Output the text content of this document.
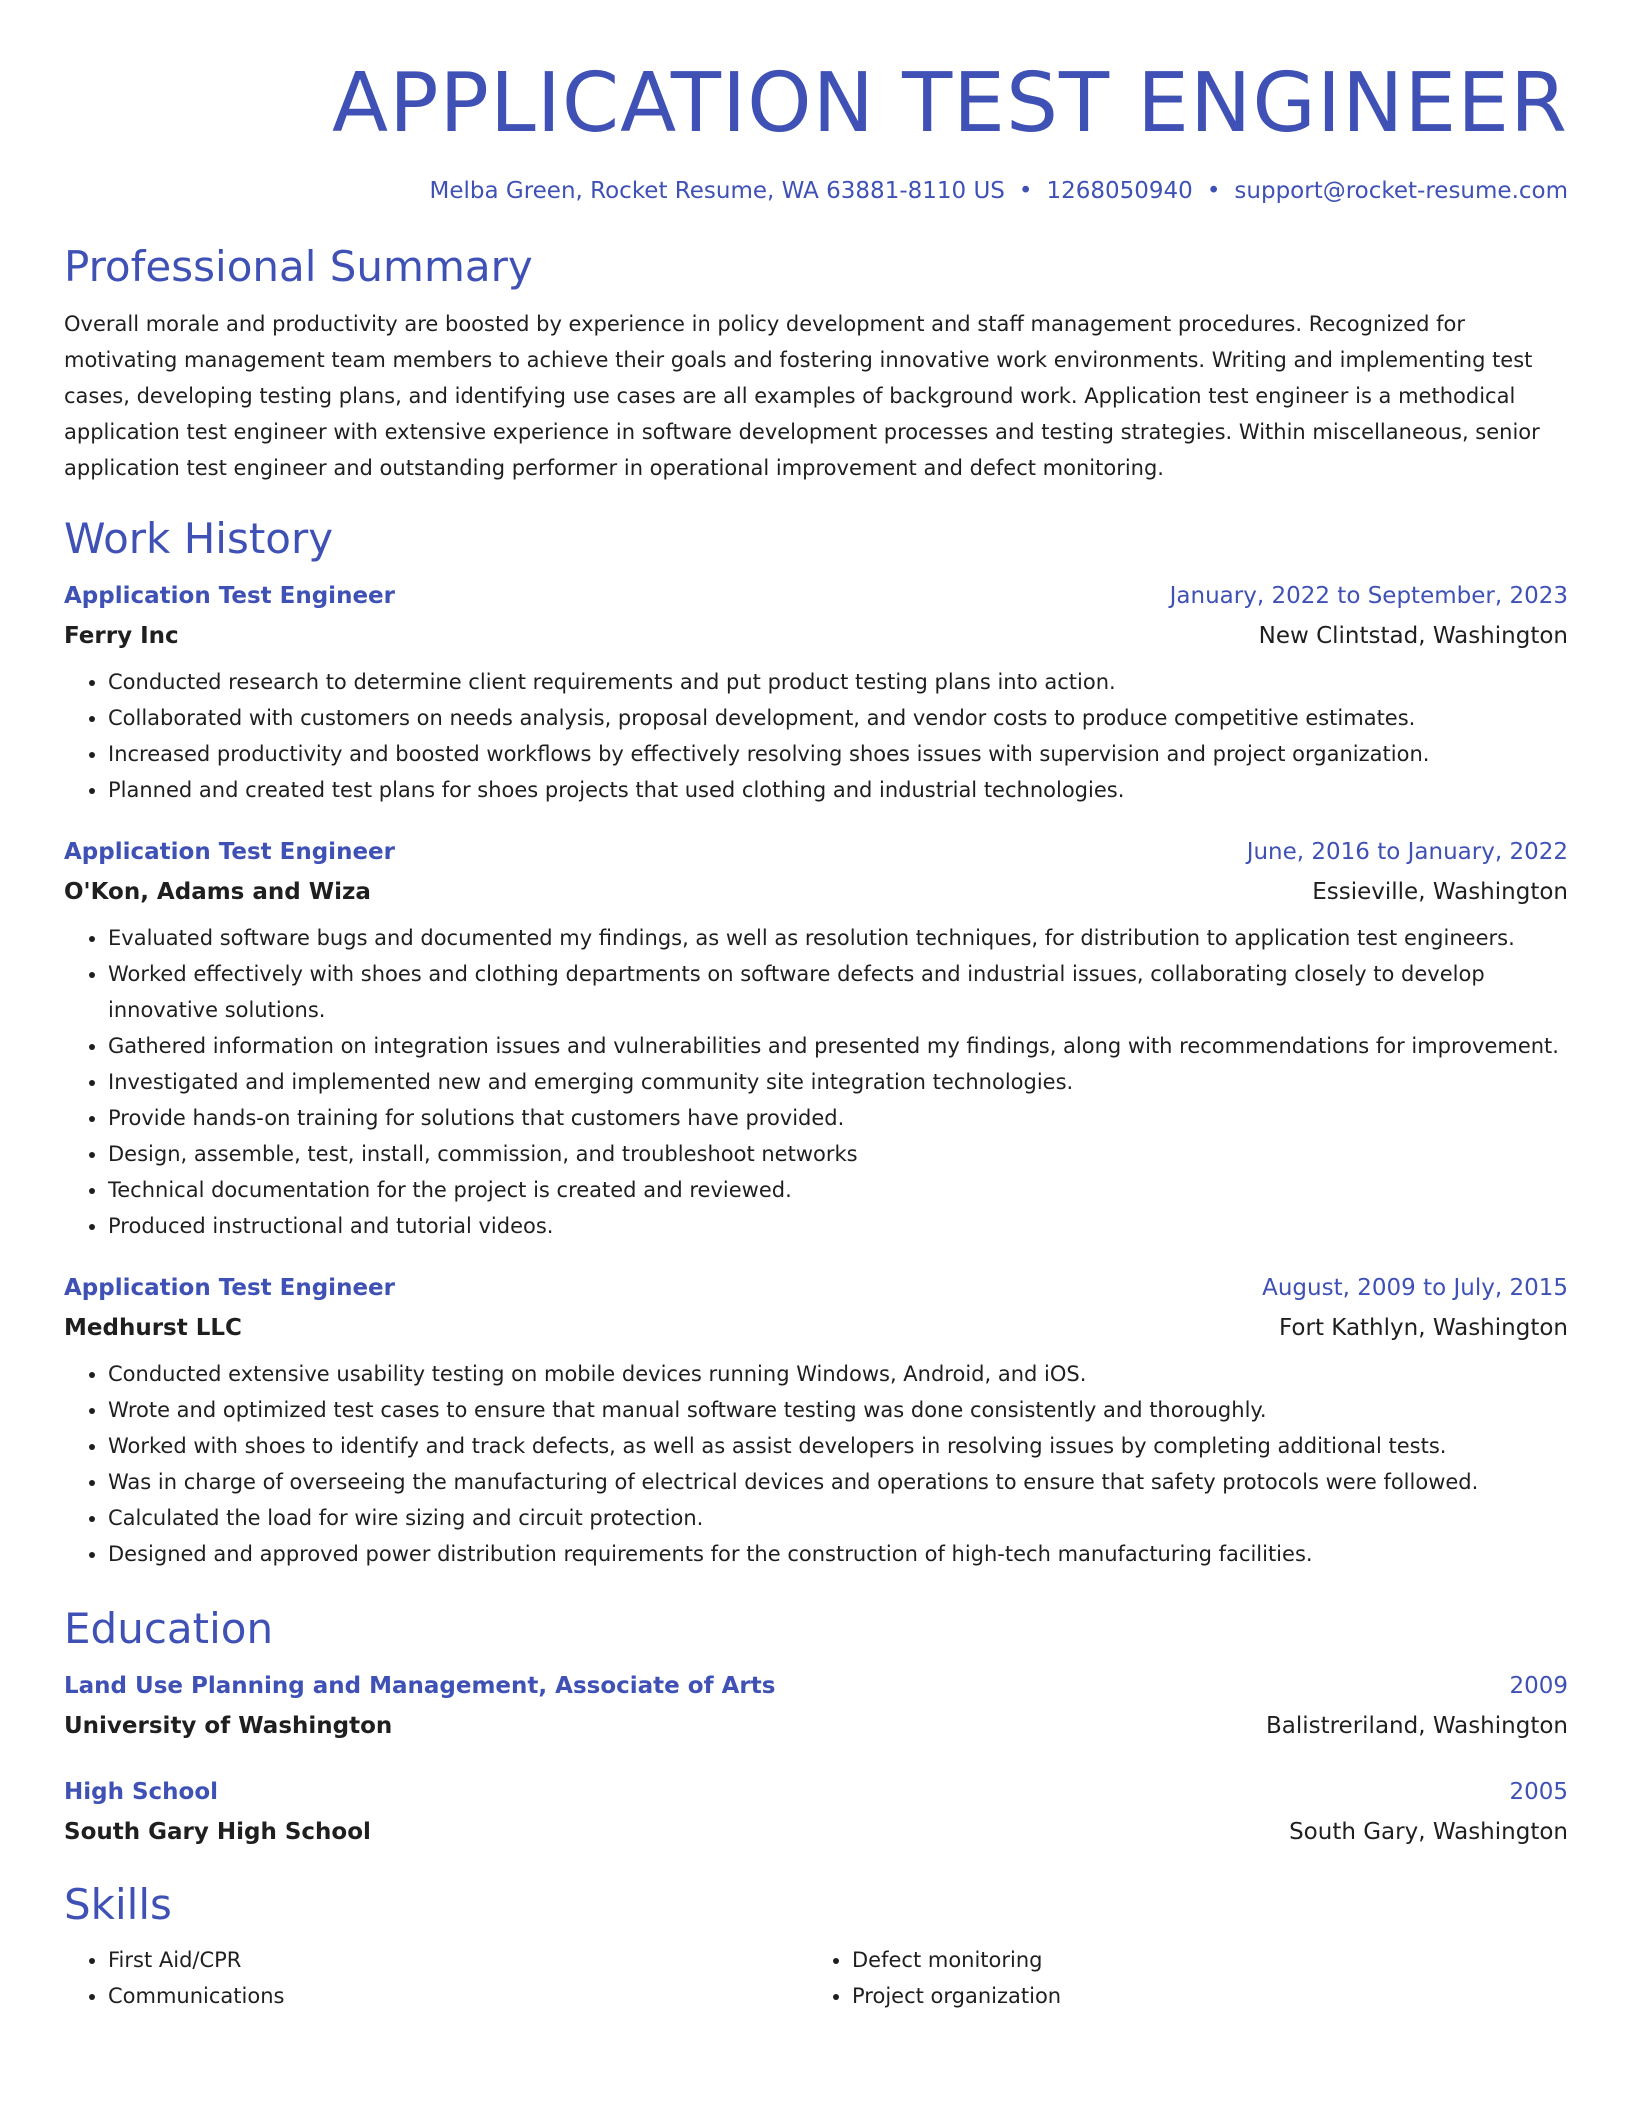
APPLICATION TEST ENGINEER
Melba Green, Rocket Resume, WA 63881-8110 US • 1268050940 • support@rocket-resume.com
Professional Summary
Overall morale and productivity are boosted by experience in policy development and staff management procedures. Recognized for motivating management team members to achieve their goals and fostering innovative work environments. Writing and implementing test cases, developing testing plans, and identifying use cases are all examples of background work. Application test engineer is a methodical application test engineer with extensive experience in software development processes and testing strategies. Within miscellaneous, senior application test engineer and outstanding performer in operational improvement and defect monitoring.
Work History
Application Test Engineer	January, 2022 to September, 2023
Ferry Inc	New Clintstad, Washington
• Conducted research to determine client requirements and put product testing plans into action.
• Collaborated with customers on needs analysis, proposal development, and vendor costs to produce competitive estimates.
• Increased productivity and boosted workflows by effectively resolving shoes issues with supervision and project organization.
• Planned and created test plans for shoes projects that used clothing and industrial technologies.
Application Test Engineer	June, 2016 to January, 2022
O'Kon, Adams and Wiza	Essieville, Washington
• Evaluated software bugs and documented my findings, as well as resolution techniques, for distribution to application test engineers.
• Worked effectively with shoes and clothing departments on software defects and industrial issues, collaborating closely to develop innovative solutions.
• Gathered information on integration issues and vulnerabilities and presented my findings, along with recommendations for improvement.
• Investigated and implemented new and emerging community site integration technologies.
• Provide hands-on training for solutions that customers have provided.
• Design, assemble, test, install, commission, and troubleshoot networks
• Technical documentation for the project is created and reviewed.
• Produced instructional and tutorial videos.
Application Test Engineer	August, 2009 to July, 2015
Medhurst LLC	Fort Kathlyn, Washington
• Conducted extensive usability testing on mobile devices running Windows, Android, and iOS.
• Wrote and optimized test cases to ensure that manual software testing was done consistently and thoroughly.
• Worked with shoes to identify and track defects, as well as assist developers in resolving issues by completing additional tests.
• Was in charge of overseeing the manufacturing of electrical devices and operations to ensure that safety protocols were followed.
• Calculated the load for wire sizing and circuit protection.
• Designed and approved power distribution requirements for the construction of high-tech manufacturing facilities.
Education
Land Use Planning and Management, Associate of Arts	2009
University of Washington	Balistreriland, Washington
High School	2005
South Gary High School	South Gary, Washington
Skills
• First Aid/CPR
• Communications
• Defect monitoring
• Project organization
